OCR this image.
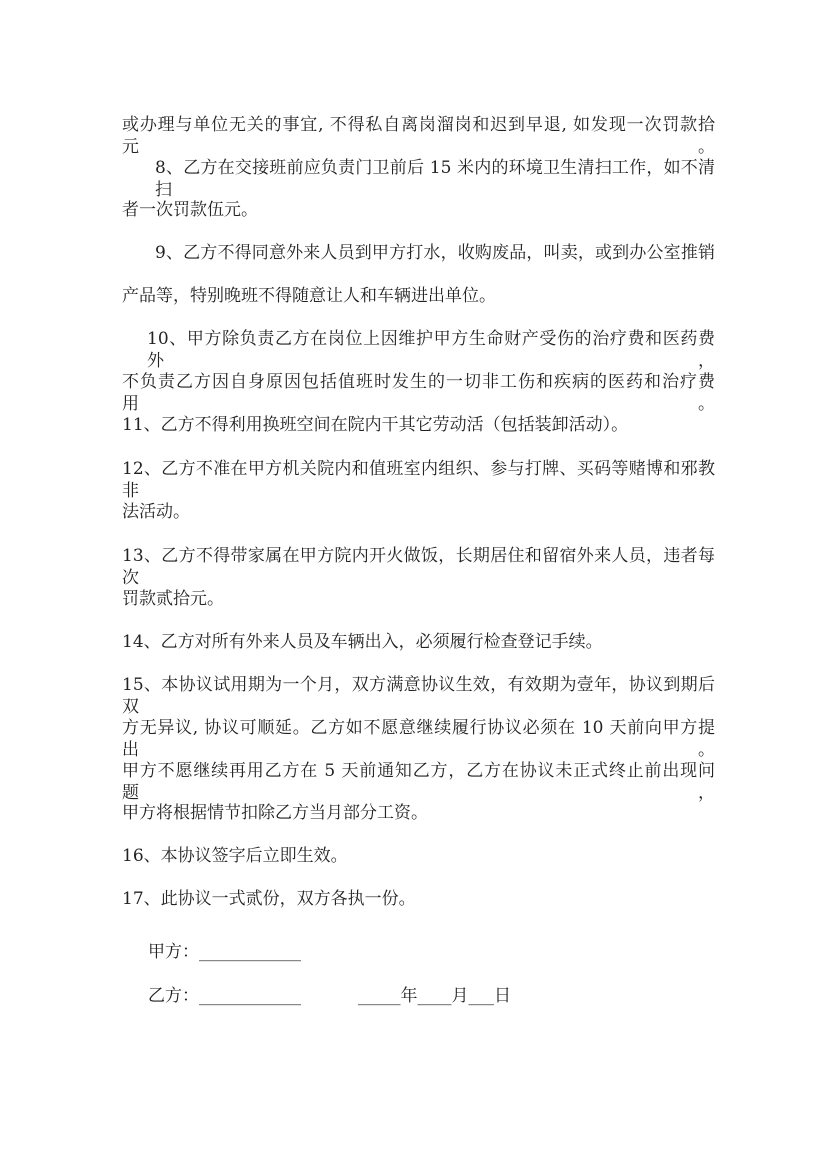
或办理与单位无关的事宜, 不得私自离岗溜岗和迟到早退, 如发现一次罚款拾元。
8、乙方在交接班前应负责门卫前后 15 米内的环境卫生清扫工作，如不清扫
者一次罚款伍元。
9、乙方不得同意外来人员到甲方打水，收购废品，叫卖，或到办公室推销
产品等，特别晚班不得随意让人和车辆进出单位。
10、甲方除负责乙方在岗位上因维护甲方生命财产受伤的治疗费和医药费外，
不负责乙方因自身原因包括值班时发生的一切非工伤和疾病的医药和治疗费用。
11、乙方不得利用换班空间在院内干其它劳动活（包括装卸活动）。
12、乙方不准在甲方机关院内和值班室内组织、参与打牌、买码等赌博和邪教非
法活动。
13、乙方不得带家属在甲方院内开火做饭，长期居住和留宿外来人员，违者每次
罚款贰拾元。
14、乙方对所有外来人员及车辆出入，必须履行检查登记手续。
15、本协议试用期为一个月，双方满意协议生效，有效期为壹年，协议到期后双
方无异议, 协议可顺延。乙方如不愿意继续履行协议必须在 10 天前向甲方提出。
甲方不愿继续再用乙方在 5 天前通知乙方，乙方在协议未正式终止前出现问题，
甲方将根据情节扣除乙方当月部分工资。
16、本协议签字后立即生效。
17、此协议一式贰份，双方各执一份。
甲方：____________
乙方：____________	_____年____月___日
